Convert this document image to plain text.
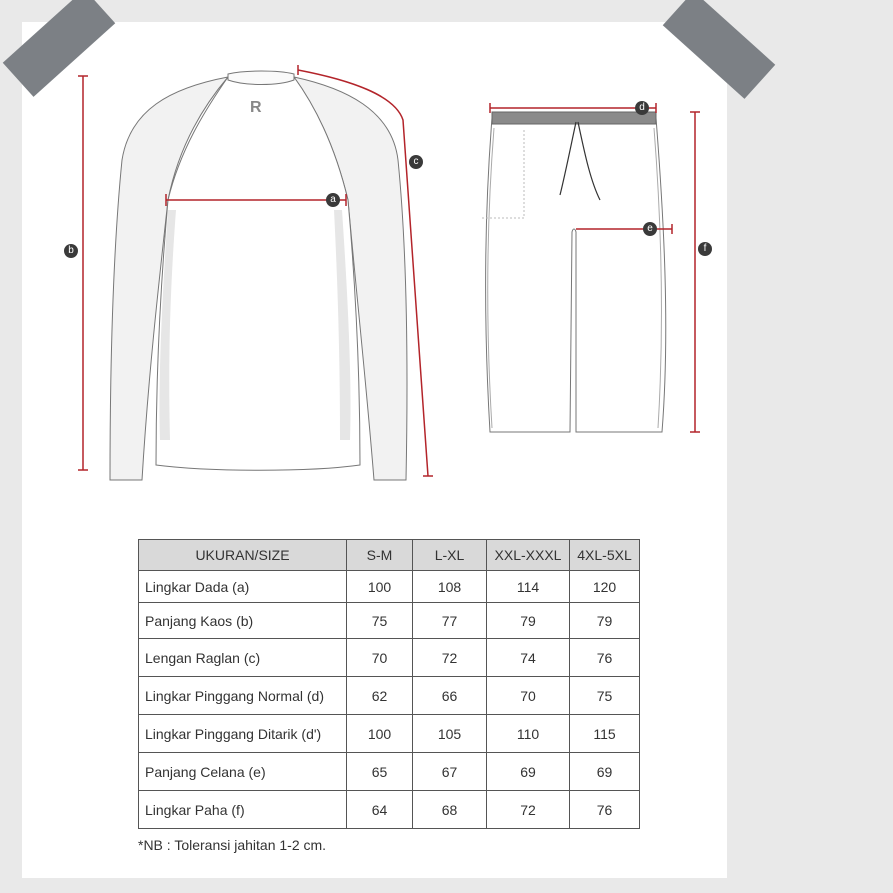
R
a
b
c
d
e
f
UKURAN/SIZE	S-M	L-XL	XXL-XXXL	4XL-5XL
Lingkar Dada (a)	100	108	114	120
Panjang Kaos (b)	75	77	79	79
Lengan Raglan (c)	70	72	74	76
Lingkar Pinggang Normal (d)	62	66	70	75
Lingkar Pinggang Ditarik (d')	100	105	110	115
Panjang Celana (e)	65	67	69	69
Lingkar Paha (f)	64	68	72	76
*NB : Toleransi jahitan 1-2 cm.
